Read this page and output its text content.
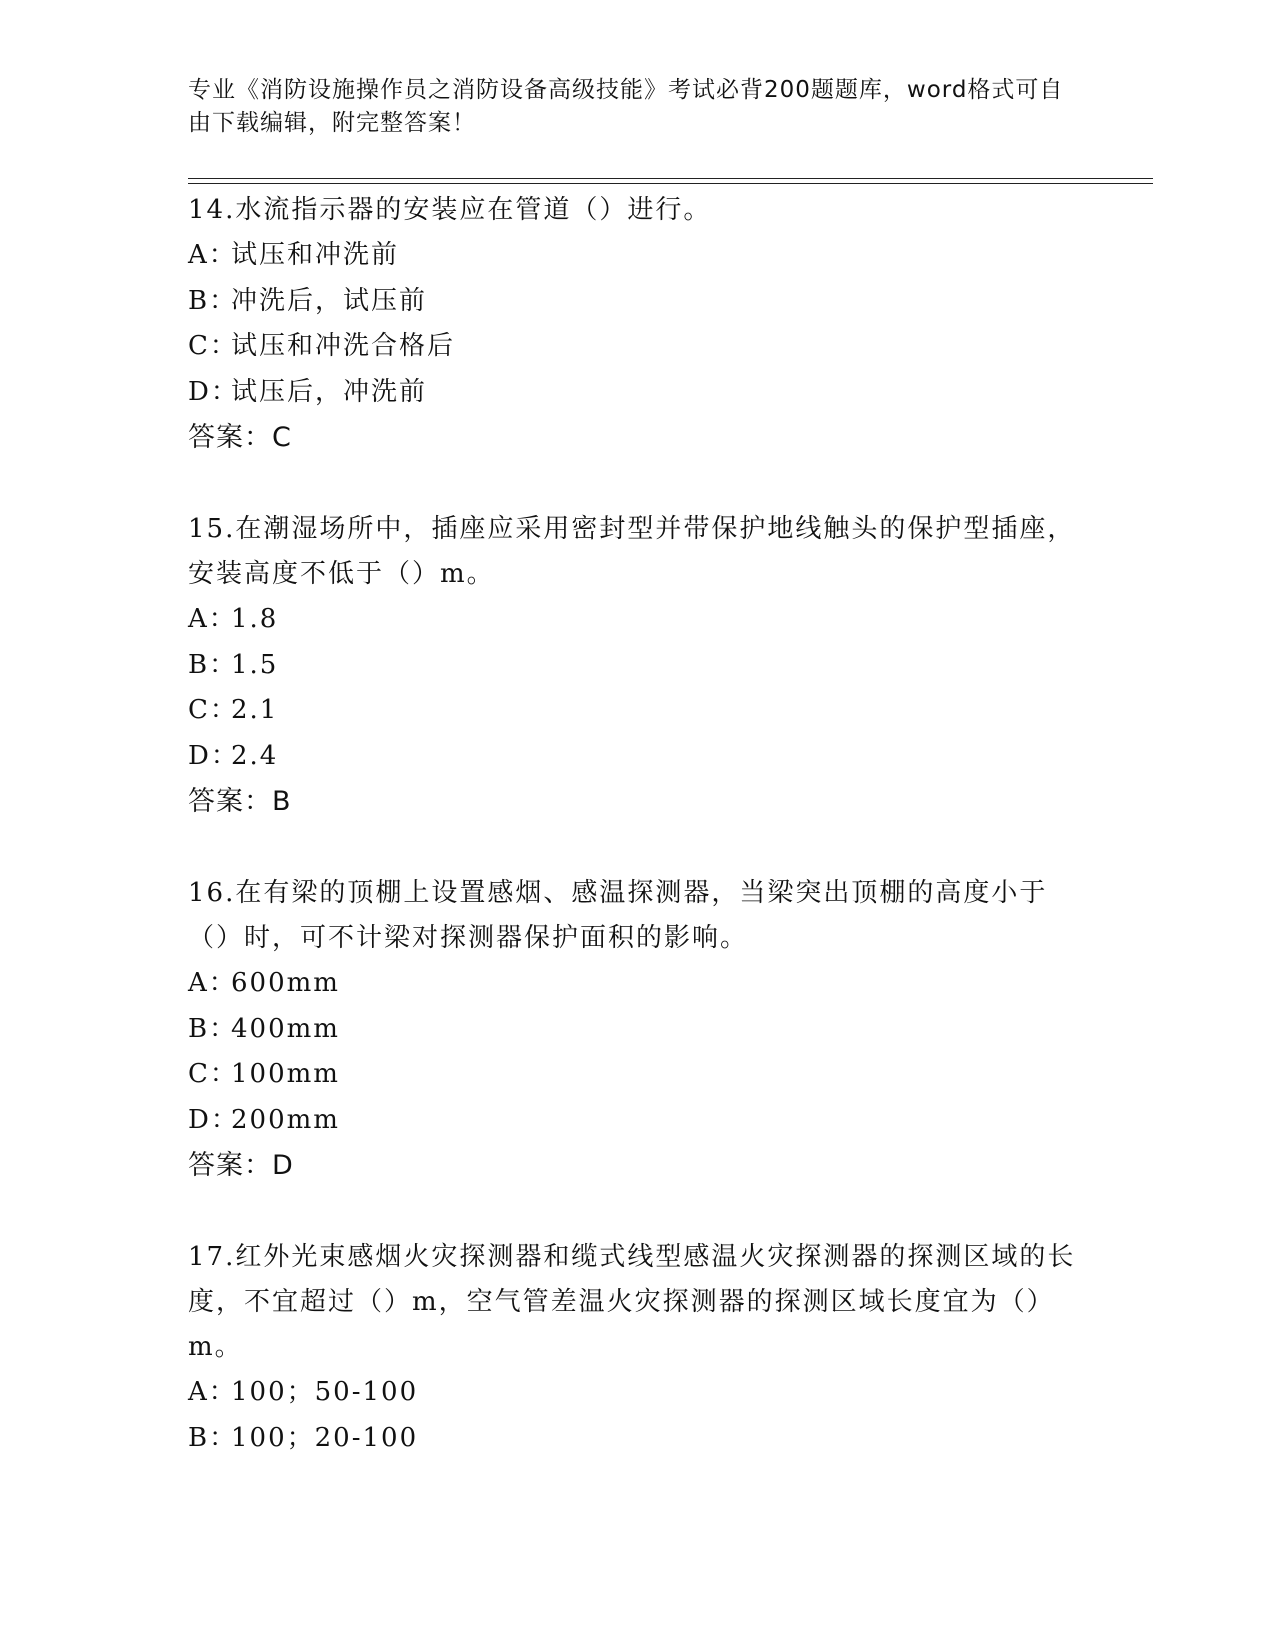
专业《消防设施操作员之消防设备高级技能》考试必背200题题库，word格式可自由下载编辑，附完整答案！

14.水流指示器的安装应在管道（）进行。

A：
试压和冲洗前

B：
冲洗后，试压前

C：
试压和冲洗合格后

D：
试压后，冲洗前

答案：C

15.在潮湿场所中，插座应采用密封型并带保护地线触头的保护型插座，安装高度不低于（）m。

A：
1.8

B：
1.5

C：
2.1

D：
2.4

答案：B

16.在有梁的顶棚上设置感烟、感温探测器，当梁突出顶棚的高度小于（）时，可不计梁对探测器保护面积的影响。

A：
600mm

B：
400mm

C：
100mm

D：
200mm

答案：D

17.红外光束感烟火灾探测器和缆式线型感温火灾探测器的探测区域的长度，不宜超过（）m，空气管差温火灾探测器的探测区域长度宜为（）m。

A：
100；50-100

B：
100；20-100
